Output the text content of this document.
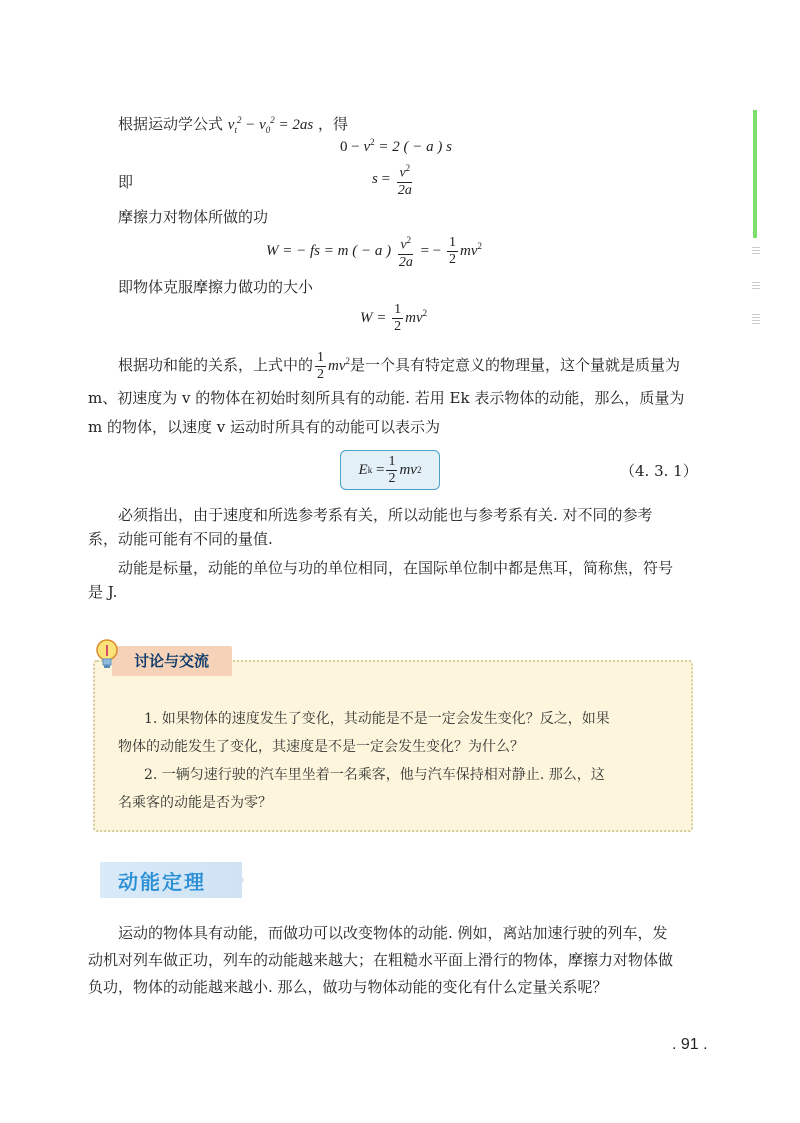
根据运动学公式 $v_t^2 - v_0^2 = 2as$ ，得
$0 - v^2 = 2$ ( − a ) s
即	$s = \frac{v^2}{2a}$
摩擦力对物体所做的功
W = − fs = m ( − a ) $\frac{v^2}{2a}$ = − $\frac{1}{2} mv^2$
即物体克服摩擦力做功的大小
$W = \frac{1}{2} mv^2$
根据功和能的关系，上式中的 $\frac{1}{2} mv^2$是一个具有特定意义的物理量，这个量就是质量为
m、初速度为 v 的物体在初始时刻所具有的动能. 若用 Ek 表示物体的动能，那么，质量为
m 的物体，以速度 v 运动时所具有的动能可以表示为
E k
= $\frac{1}{2}$ mv 2	（4. 3. 1）
必须指出，由于速度和所选参考系有关，所以动能也与参考系有关. 对不同的参考
系，动能可能有不同的量值.
动能是标量，动能的单位与功的单位相同，在国际单位制中都是焦耳，简称焦，符号
是 J.
讨论与交流
1. 如果物体的速度发生了变化，其动能是不是一定会发生变化？反之，如果
物体的动能发生了变化，其速度是不是一定会发生变化？为什么？
2. 一辆匀速行驶的汽车里坐着一名乘客，他与汽车保持相对静止. 那么，这
名乘客的动能是否为零？
动能定理
运动的物体具有动能，而做功可以改变物体的动能. 例如，离站加速行驶的列车，发
动机对列车做正功，列车的动能越来越大；在粗糙水平面上滑行的物体，摩擦力对物体做
负功，物体的动能越来越小. 那么，做功与物体动能的变化有什么定量关系呢？
. 91 .
